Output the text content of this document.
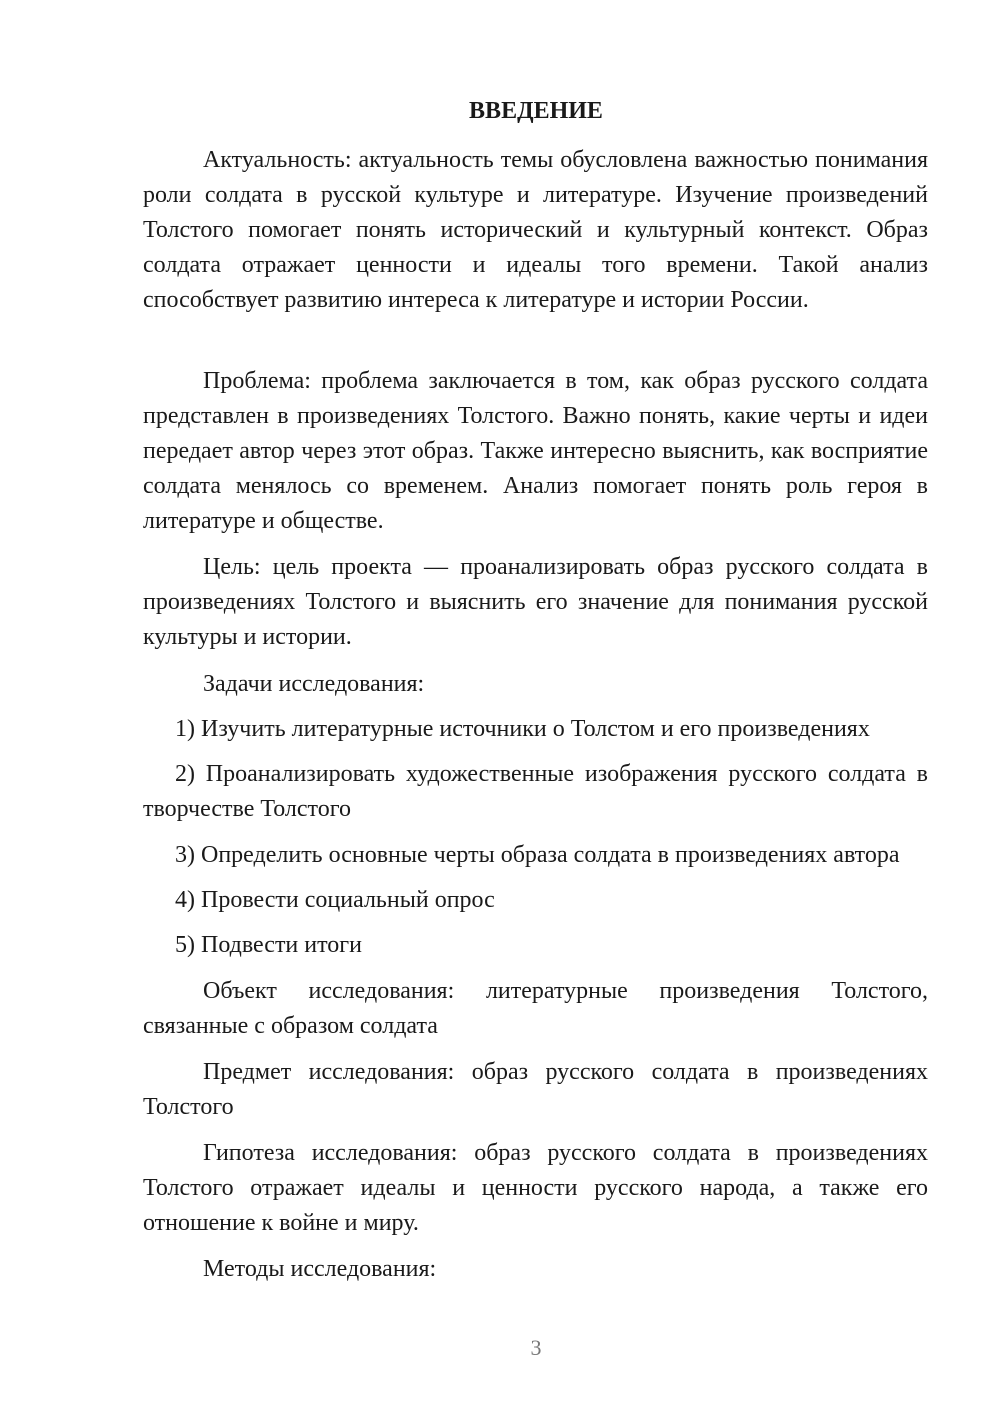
ВВЕДЕНИЕ

Актуальность: актуальность темы обусловлена важностью понимания роли солдата в русской культуре и литературе. Изучение произведений Толстого помогает понять исторический и культурный контекст. Образ солдата отражает ценности и идеалы того времени. Такой анализ способствует развитию интереса к литературе и истории России.

Проблема: проблема заключается в том, как образ русского солдата представлен в произведениях Толстого. Важно понять, какие черты и идеи передает автор через этот образ. Также интересно выяснить, как восприятие солдата менялось со временем. Анализ помогает понять роль героя в литературе и обществе.

Цель: цель проекта — проанализировать образ русского солдата в произведениях Толстого и выяснить его значение для понимания русской культуры и истории.

Задачи исследования:

1) Изучить литературные источники о Толстом и его произведениях

2) Проанализировать художественные изображения русского солдата в творчестве Толстого

3) Определить основные черты образа солдата в произведениях автора

4) Провести социальный опрос

5) Подвести итоги

Объект исследования: литературные произведения Толстого, связанные с образом солдата

Предмет исследования: образ русского солдата в произведениях Толстого

Гипотеза исследования: образ русского солдата в произведениях Толстого отражает идеалы и ценности русского народа, а также его отношение к войне и миру.

Методы исследования:

3
